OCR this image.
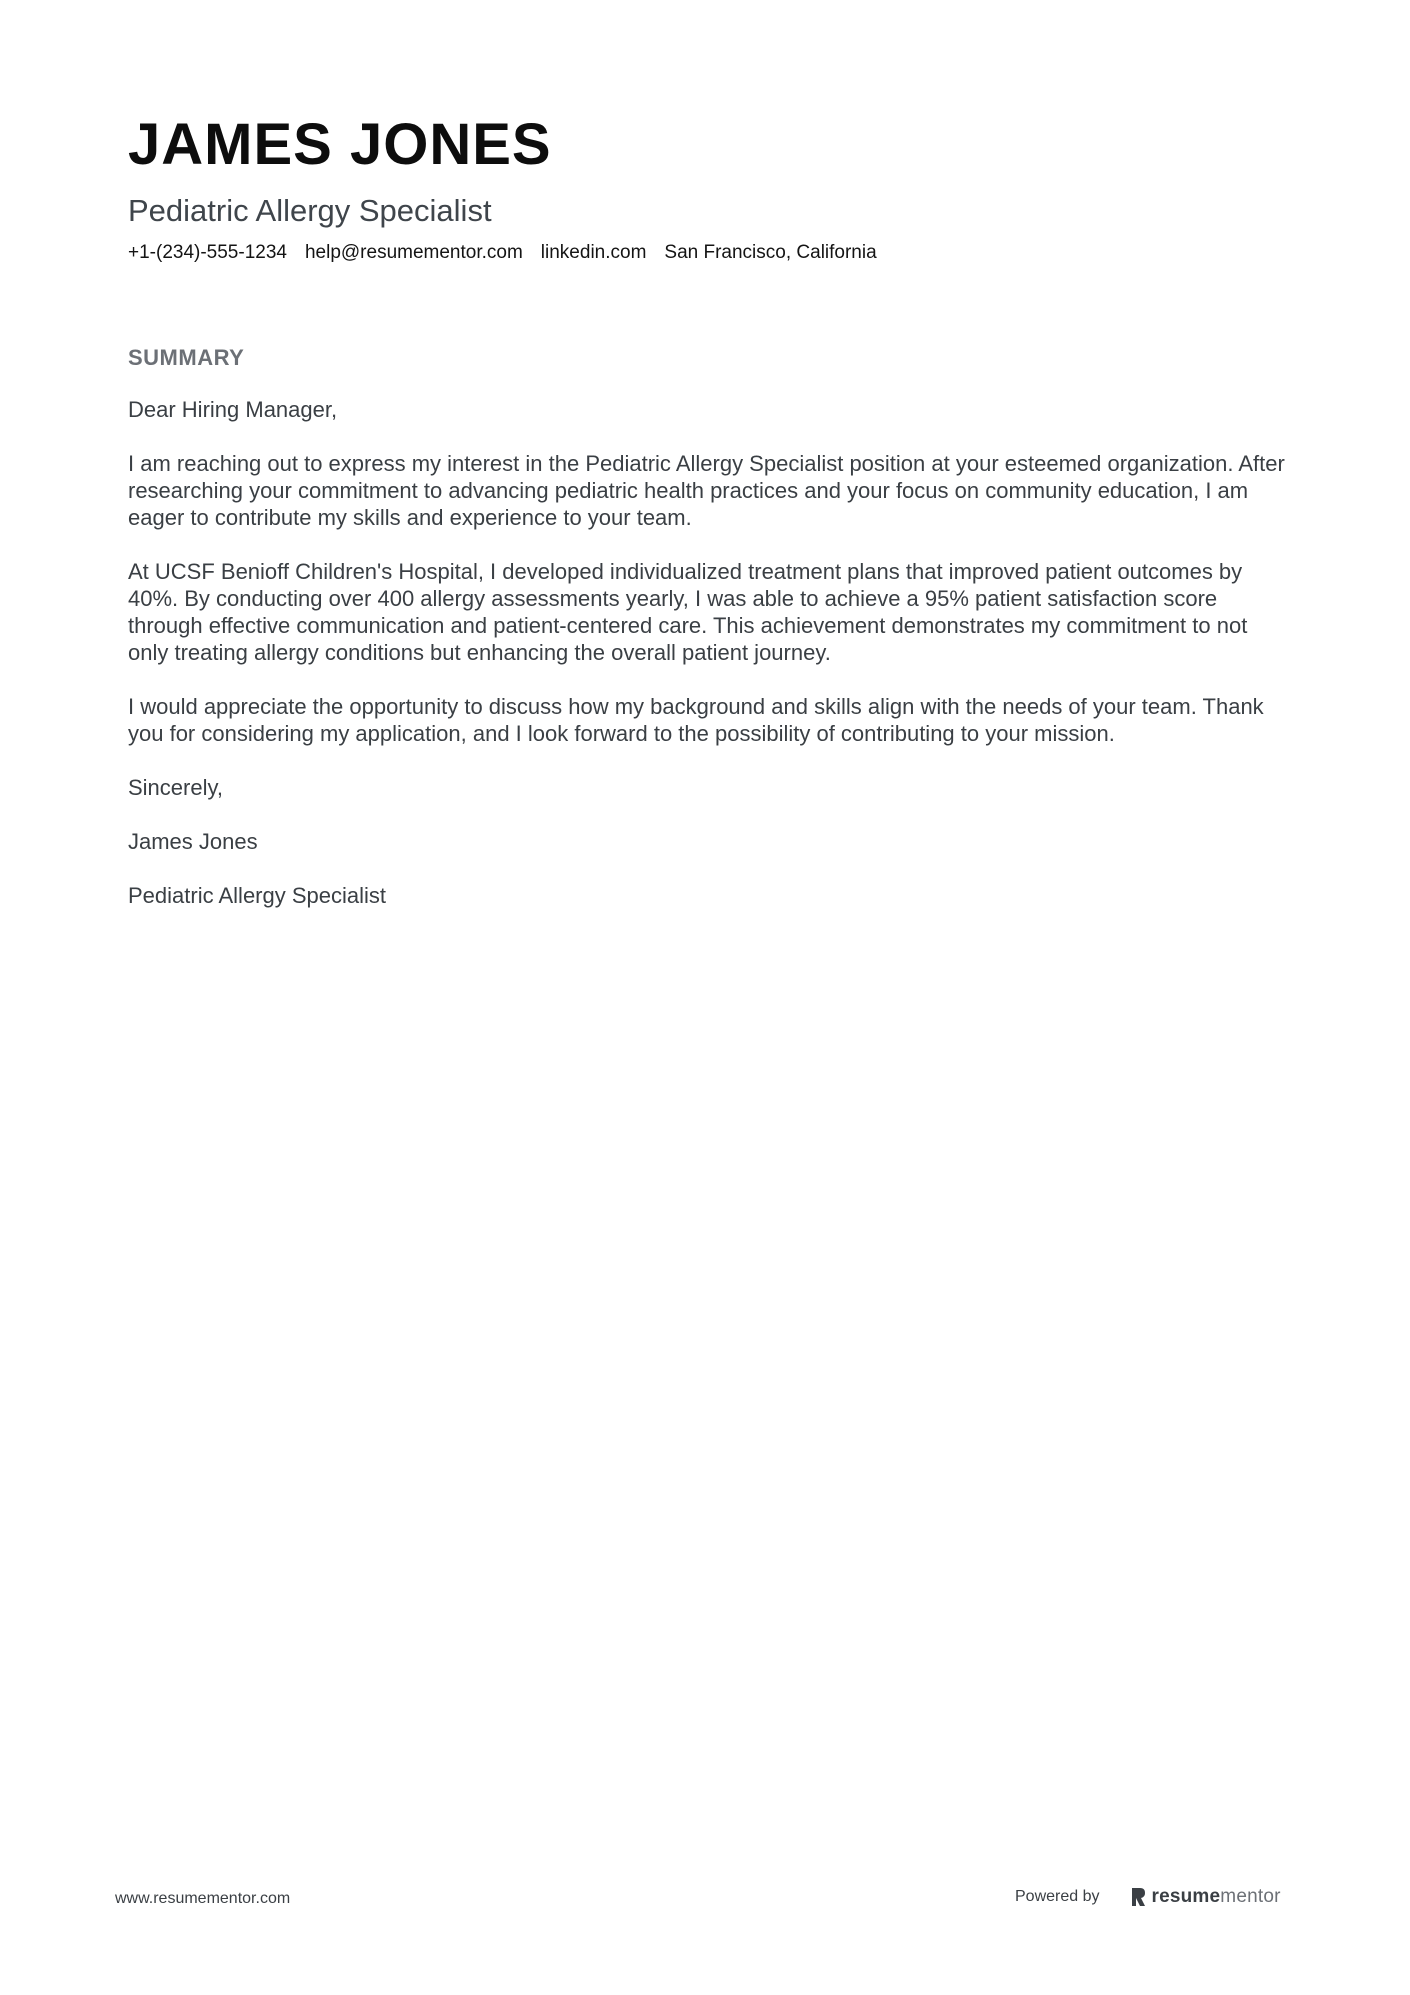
JAMES JONES
Pediatric Allergy Specialist
+1-(234)-555-1234 help@resumementor.com linkedin.com San Francisco, California
SUMMARY

Dear Hiring Manager,

I am reaching out to express my interest in the Pediatric Allergy Specialist position at your esteemed organization. After researching your commitment to advancing pediatric health practices and your focus on community education, I am eager to contribute my skills and experience to your team.

At UCSF Benioff Children's Hospital, I developed individualized treatment plans that improved patient outcomes by 40%. By conducting over 400 allergy assessments yearly, I was able to achieve a 95% patient satisfaction score through effective communication and patient-centered care. This achievement demonstrates my commitment to not only treating allergy conditions but enhancing the overall patient journey.

I would appreciate the opportunity to discuss how my background and skills align with the needs of your team. Thank you for considering my application, and I look forward to the possibility of contributing to your mission.

Sincerely,

James Jones

Pediatric Allergy Specialist

www.resumementor.com	Powered by	resumementor
